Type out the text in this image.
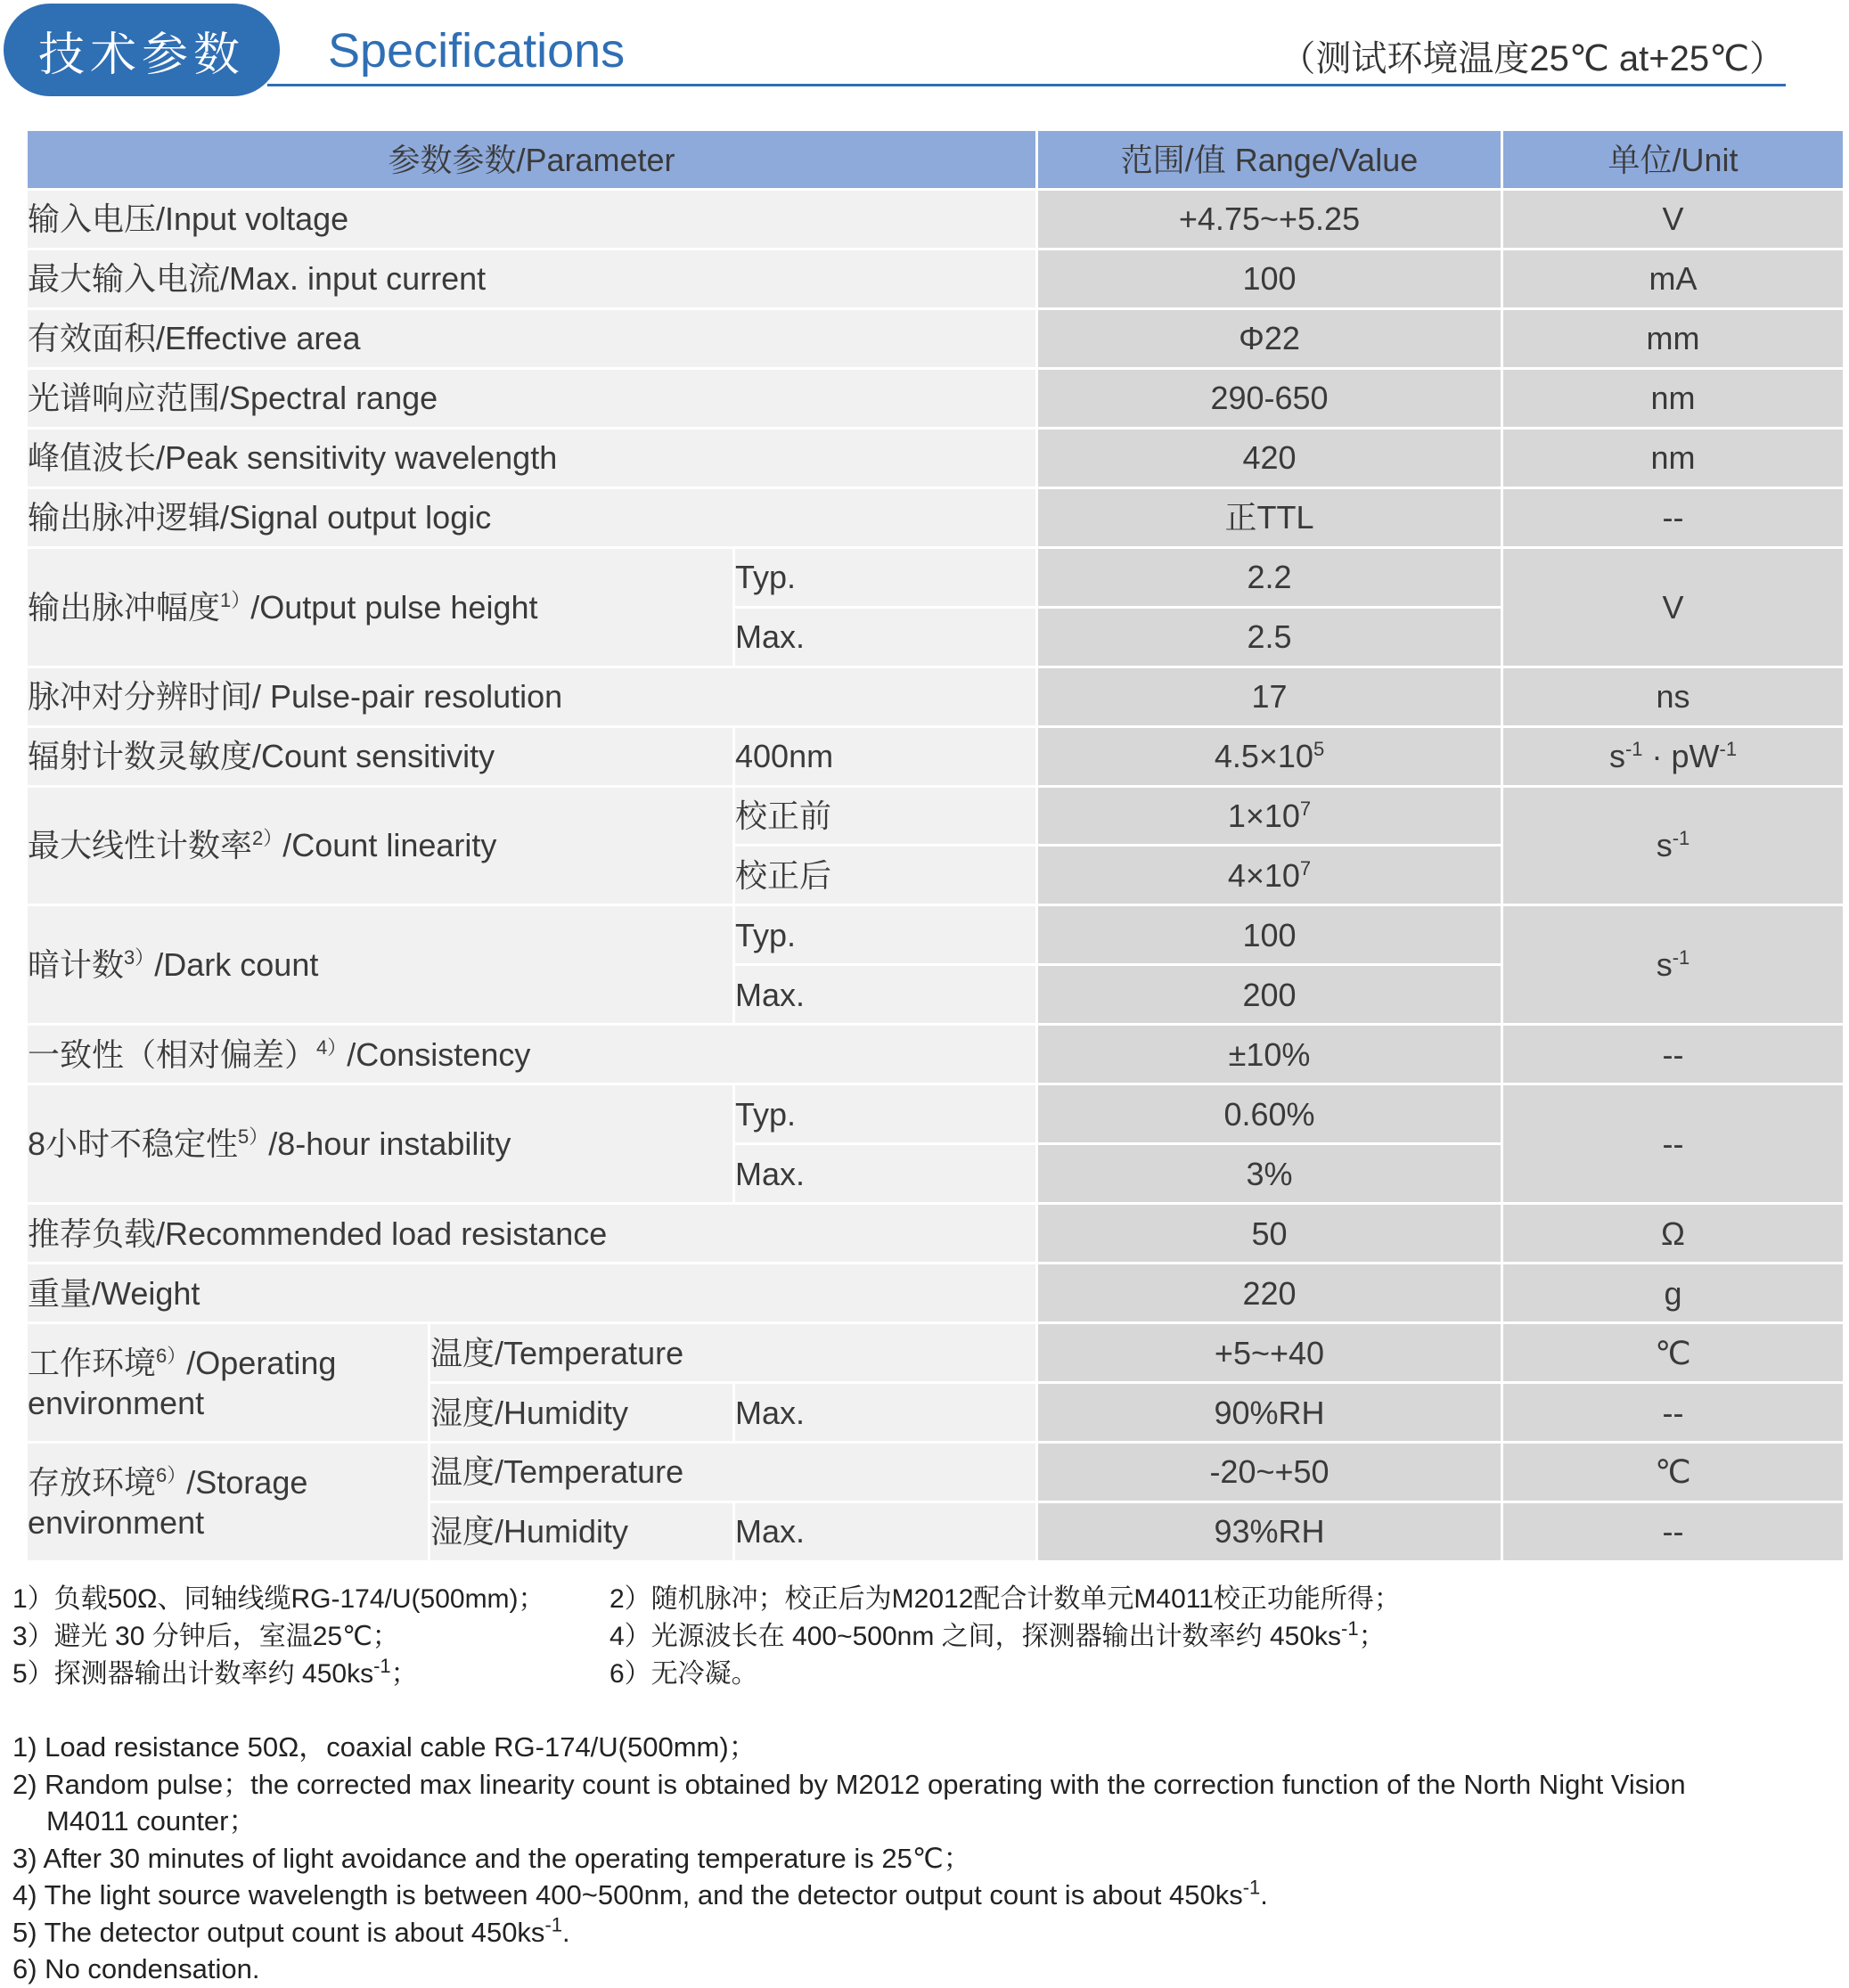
技术参数	Specifications	（测试环境温度25℃ at+25℃）
参数参数/Parameter			范围/值 Range/Value	单位/Unit
输入电压/Input voltage			+4.75~+5.25	V
最大输入电流/Max. input current			100	mA
有效面积/Effective area			Φ22	mm
光谱响应范围/Spectral range			290-650	nm
峰值波长/Peak sensitivity wavelength			420	nm
输出脉冲逻辑/Signal output logic			正TTL	--
输出脉冲幅度$^{1)}$/Output pulse height		Typ.	2.2	V
		Max.	2.5	
脉冲对分辨时间/ Pulse-pair resolution			17	ns
辐射计数灵敏度/Count sensitivity		400nm	$4.5\times 10^5$	$s^{-1} \cdot pW^{-1}$
最大线性计数率$^{2)}$/Count linearity		校正前	$1\times 10^7$	$s^{-1}$
		校正后	$4\times 10^7$
暗计数$^{3)}$/Dark count		Typ.	100	$s^{-1}$
		Max.	200	
一致性（相对偏差）$^{4)}$/Consistency			±10%	--
8小时不稳定性$^{5)}$/8-hour instability		Typ.	0.60%	--
		Max.	3%	
推荐负载/Recommended load resistance			50	Ω
重量/Weight			220	g

工作环境$^{6)}$/Operating
environment	温度/Temperature		+5~+40	℃
	湿度/Humidity	Max.	90%RH	--

存放环境$^{6)}$/Storage
environment	温度/Temperature		-20~+50	℃
	湿度/Humidity	Max.	93%RH	--
1）负载50Ω、同轴线缆RG-174/U(500mm)；	2）随机脉冲；校正后为M2012配合计数单元M4011校正功能所得；
3）避光 30 分钟后，室温25℃；	4）光源波长在 400~500nm 之间，探测器输出计数率约 $450ks^{-1}$；
5）探测器输出计数率约 $450ks^{-1}$；	6）无冷凝。
1) Load resistance 50Ω，coaxial cable RG-174/U(500mm)；
2) Random pulse；the corrected max linearity count is obtained by M2012 operating with the correction function of the North Night Vision
M4011 counter；
3) After 30 minutes of light avoidance and the operating temperature is 25℃；
4) The light source wavelength is between 400~500nm, and the detector output count is about $450ks^{-1}$.
5) The detector output count is about $450ks^{-1}$.
6) No condensation.
